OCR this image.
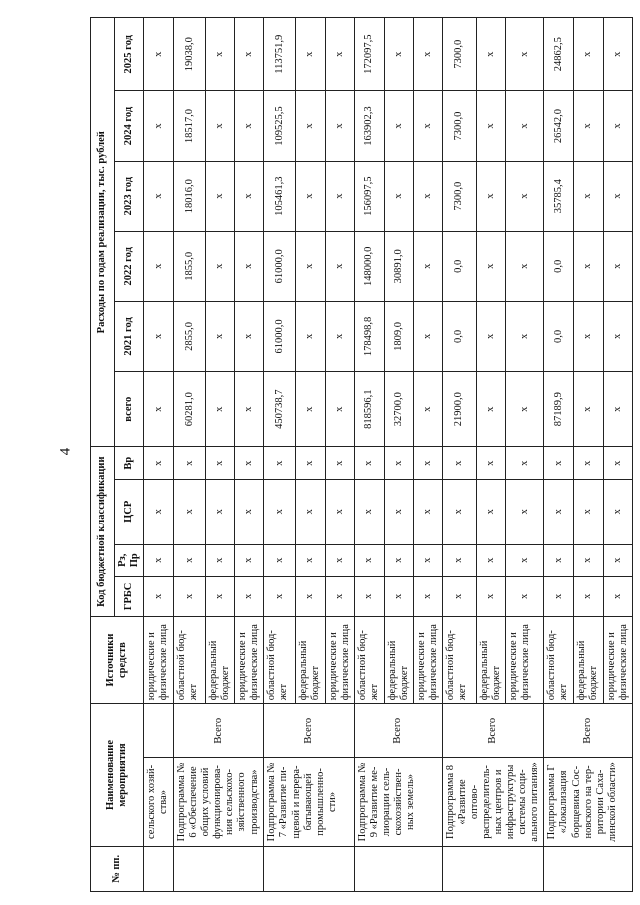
4
№ пп.	Наименование мероприятия		Источники средств	Код бюджетной классификации				Расходы по годам реализации, тыс. рублей					
				ГРБС	Рз, Пр	ЦСР	Вр	всего	2021 год	2022 год	2023 год	2024 год	2025 год
	сельского хозяй-ства»		юридические и физические лица	x	x	x	x	x	x	x	x	x	x
	Подпрограмма № 6 «Обеспечение общих условий функционирова-ния сельскохо-зяйственного производства»	Всего	областной бюд-жет	x	x	x	x	60281,0	2855,0	1855,0	18016,0	18517,0	19038,0
			федеральный бюджет	x	x	x	x	x	x	x	x	x	x
			юридические и физические лица	x	x	x	x	x	x	x	x	x	x
	Подпрограмма № 7 «Развитие пи-щевой и перера-батывающей промышленно-сти»	Всего	областной бюд-жет	x	x	x	x	450738,7	61000,0	61000,0	105461,3	109525,5	113751,9
			федеральный бюджет	x	x	x	x	x	x	x	x	x	x
			юридические и физические лица	x	x	x	x	x	x	x	x	x	x
	Подпрограмма № 9 «Развитие ме-лиорации сель-скохозяйствен-ных земель»	Всего	областной бюд-жет	x	x	x	x	818596,1	178498,8	148000,0	156097,5	163902,3	172097,5
			федеральный бюджет	x	x	x	x	32700,0	1809,0	30891,0	x	x	x
			юридические и физические лица	x	x	x	x	x	x	x	x	x	x
	Подпрограмма 8 «Развитие оптово-распределитель-ных центров и инфраструктуры системы соци-ального питания»	Всего	областной бюд-жет	x	x	x	x	21900,0	0,0	0,0	7300,0	7300,0	7300,0
			федеральный бюджет	x	x	x	x	x	x	x	x	x	x
			юридические и физические лица	x	x	x	x	x	x	x	x	x	x
	Подпрограмма Г «Локализация борщевика Сос-новского на тер-ритории Саха-линской области»	Всего	областной бюд-жет	x	x	x	x	87189,9	0,0	0,0	35785,4	26542,0	24862,5
			федеральный бюджет	x	x	x	x	x	x	x	x	x	x
			юридические и физические лица	x	x	x	x	x	x	x	x	x	x
